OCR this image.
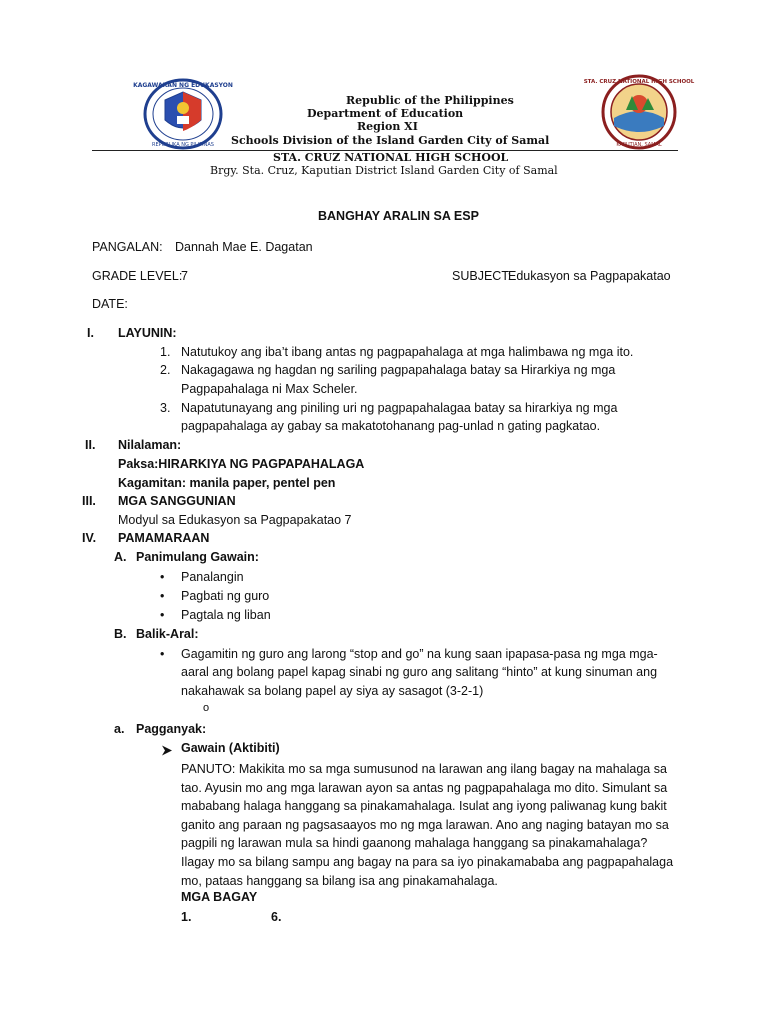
KAGAWARAN NG EDUKASYON
REPUBLIKA NG PILIPINAS
Republic of the Philippines
Department of Education
Region XI
Schools Division of the Island Garden City of Samal
STA. CRUZ NATIONAL HIGH SCHOOL
KAPUTIAN, SAMAL
STA. CRUZ NATIONAL HIGH SCHOOL
Brgy. Sta. Cruz, Kaputian District Island Garden City of Samal
BANGHAY ARALIN SA ESP
PANGALAN: Dannah Mae E. Dagatan
GRADE LEVEL:
7	SUBJECT:
Edukasyon sa Pagpapakatao
DATE:
I. LAYUNIN:
1. Natutukoy ang iba’t ibang antas ng pagpapahalaga at mga halimbawa ng mga ito.
2. Nakagagawa ng hagdan ng sariling pagpapahalaga batay sa Hirarkiya ng mga
Pagpapahalaga ni Max Scheler.
3. Napatutunayang ang piniling uri ng pagpapahalagaa batay sa hirarkiya ng mga
pagpapahalaga ay gabay sa makatotohanang pag-unlad n gating pagkatao.
II. Nilalaman:
Paksa:HIRARKIYA NG PAGPAPAHALAGA
Kagamitan: manila paper, pentel pen
III. MGA SANGGUNIAN
Modyul sa Edukasyon sa Pagpapakatao 7
IV. PAMAMARAAN
A. Panimulang Gawain:
• Panalangin
• Pagbati ng guro
• Pagtala ng liban
B. Balik-Aral:
• Gagamitin ng guro ang larong “stop and go” na kung saan ipapasa-pasa ng mga mga-
aaral ang bolang papel kapag sinabi ng guro ang salitang “hinto” at kung sinuman ang
nakahawak sa bolang papel ay siya ay sasagot (3-2-1)
o
a. Pagganyak:
Gawain (Aktibiti)
PANUTO: Makikita mo sa mga sumusunod na larawan ang ilang bagay na mahalaga sa
tao. Ayusin mo ang mga larawan ayon sa antas ng pagpapahalaga mo dito. Simulant sa
mababang halaga hanggang sa pinakamahalaga. Isulat ang iyong paliwanag kung bakit
ganito ang paraan ng pagsasaayos mo ng mga larawan. Ano ang naging batayan mo sa
pagpili ng larawan mula sa hindi gaanong mahalaga hanggang sa pinakamahalaga?
Ilagay mo sa bilang sampu ang bagay na para sa iyo pinakamababa ang pagpapahalaga
mo, pataas hanggang sa bilang isa ang pinakamahalaga.
MGA BAGAY
1.	6.
